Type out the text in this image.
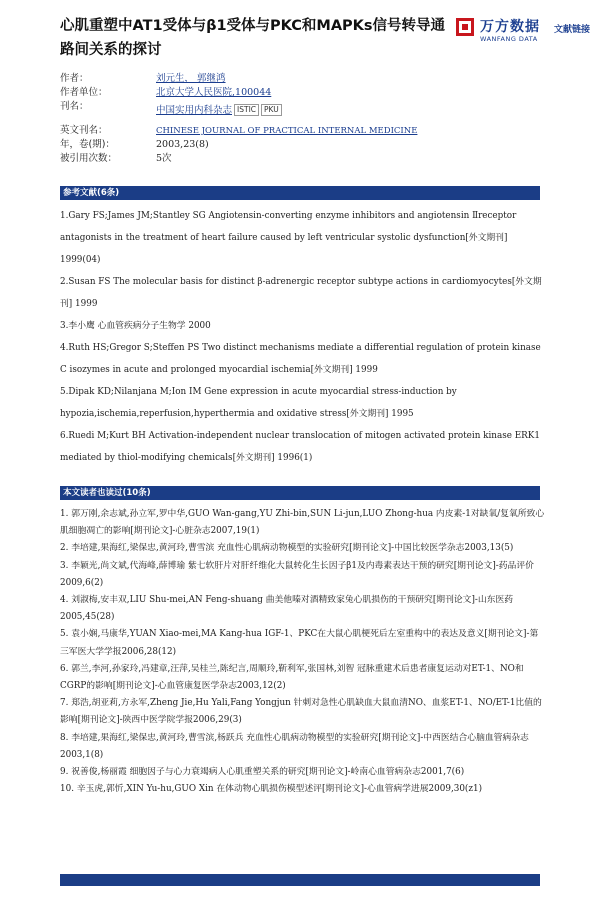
心肌重塑中AT1受体与β1受体与PKC和MAPKs信号转导通路间关系的探讨
万方数据
WANFANG DATA
文献链接
作者：	刘元生， 郭继鸿
作者单位：	北京大学人民医院,100044
刊名：	中国实用内科杂志 ISTIC PKU
英文刊名：	CHINESE JOURNAL OF PRACTICAL INTERNAL MEDICINE
年，卷(期)：	2003,23(8)
被引用次数：	5次
参考文献(6条)
1.Gary FS;James JM;Stantley SG Angiotensin-converting enzyme inhibitors and angiotensin Ⅱreceptor antagonists in the treatment of heart failure caused by left ventricular systolic dysfunction[外文期刊] 1999(04)
2.Susan FS The molecular basis for distinct β-adrenergic receptor subtype actions in cardiomyocytes[外文期刊] 1999
3.李小鹰 心血管疾病分子生物学 2000
4.Ruth HS;Gregor S;Steffen PS Two distinct mechanisms mediate a differential regulation of protein kinase C isozymes in acute and prolonged myocardial ischemia[外文期刊] 1999
5.Dipak KD;Nilanjana M;Ion IM Gene expression in acute myocardial stress-induction by hypozia,ischemia,reperfusion,hyperthermia and oxidative stress[外文期刊] 1995
6.Ruedi M;Kurt BH Activation-independent nuclear translocation of mitogen activated protein kinase ERK1 mediated by thiol-modifying chemicals[外文期刊] 1996(1)
本文读者也读过(10条)
1. 郭万刚,余志斌,孙立军,罗中华,GUO Wan-gang,YU Zhi-bin,SUN Li-jun,LUO Zhong-hua 内皮素-1对缺氧/复氧所致心肌细胞凋亡的影响[期刊论文]-心脏杂志2007,19(1)
2. 李培建,果海红,梁保忠,黄河玲,曹雪滨 充血性心肌病动物模型的实验研究[期刊论文]-中国比较医学杂志2003,13(5)
3. 李颖光,尚文斌,代海峰,薛博瑜 紫七软肝片对肝纤维化大鼠转化生长因子β1及内毒素表达干预的研究[期刊论文]-药品评价2009,6(2)
4. 刘淑梅,安丰双,LIU Shu-mei,AN Feng-shuang 曲美他嗪对酒精致家兔心肌损伤的干预研究[期刊论文]-山东医药2005,45(28)
5. 袁小娴,马康华,YUAN Xiao-mei,MA Kang-hua IGF-1、PKC在大鼠心肌梗死后左室重构中的表达及意义[期刊论文]-第三军医大学学报2006,28(12)
6. 郭兰,李河,孙家玲,冯建章,汪萍,吴桂兰,陈纪言,周顺玲,靳利军,张国林,刘智 冠脉重建术后患者康复运动对ET-1、NO和CGRP的影响[期刊论文]-心血管康复医学杂志2003,12(2)
7. 郑浩,胡亚莉,方永军,Zheng Jie,Hu Yali,Fang Yongjun 针刺对急性心肌缺血大鼠血清NO、血浆ET-1、NO/ET-1比值的影响[期刊论文]-陕西中医学院学报2006,29(3)
8. 李培建,果海红,梁保忠,黄河玲,曹雪滨,杨跃兵 充血性心肌病动物模型的实验研究[期刊论文]-中西医结合心脑血管病杂志2003,1(8)
9. 祝善俊,杨丽霞 细胞因子与心力衰竭病人心肌重塑关系的研究[期刊论文]-岭南心血管病杂志2001,7(6)
10. 辛玉虎,郭忻,XIN Yu-hu,GUO Xin 在体动物心肌损伤模型述评[期刊论文]-心血管病学进展2009,30(z1)
